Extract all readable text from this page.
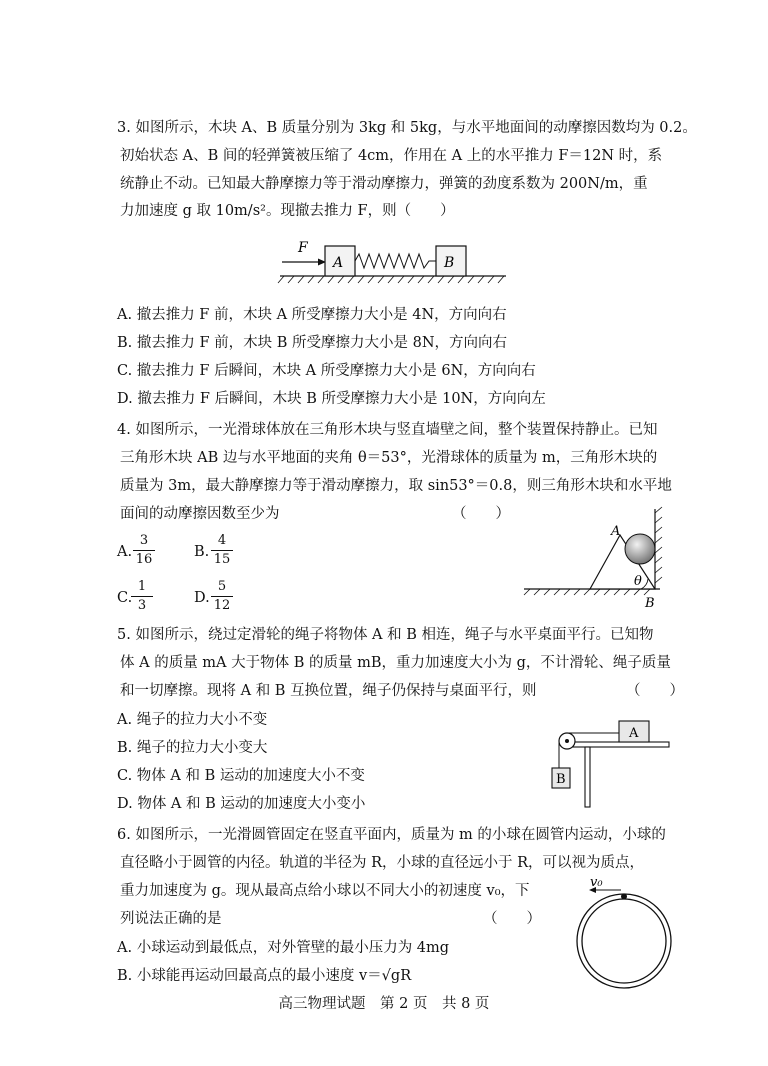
3. 如图所示，木块 A、B 质量分别为 3kg 和 5kg，与水平地面间的动摩擦因数均为 0.2。
初始状态 A、B 间的轻弹簧被压缩了 4cm，作用在 A 上的水平推力 F＝12N 时，系
统静止不动。已知最大静摩擦力等于滑动摩擦力，弹簧的劲度系数为 200N/m，重
力加速度 g 取 10m/s²。现撤去推力 F，则（　　）
F
A	B
A. 撤去推力 F 前，木块 A 所受摩擦力大小是 4N，方向向右
B. 撤去推力 F 前，木块 B 所受摩擦力大小是 8N，方向向右
C. 撤去推力 F 后瞬间，木块 A 所受摩擦力大小是 6N，方向向右
D. 撤去推力 F 后瞬间，木块 B 所受摩擦力大小是 10N，方向向左
4. 如图所示，一光滑球体放在三角形木块与竖直墙壁之间，整个装置保持静止。已知
三角形木块 AB 边与水平地面的夹角 θ＝53°，光滑球体的质量为 m，三角形木块的
质量为 3m，最大静摩擦力等于滑动摩擦力，取 sin53°＝0.8，则三角形木块和水平地
面间的动摩擦因数至少为	（　　）
A.
3
16	B.
4
15
C.
1
3	D.
5
12
A
θ
B
5. 如图所示，绕过定滑轮的绳子将物体 A 和 B 相连，绳子与水平桌面平行。已知物
体 A 的质量 mA 大于物体 B 的质量 mB，重力加速度大小为 g，不计滑轮、绳子质量
和一切摩擦。现将 A 和 B 互换位置，绳子仍保持与桌面平行，则	（　　）
A. 绳子的拉力大小不变
B. 绳子的拉力大小变大
C. 物体 A 和 B 运动的加速度大小不变
D. 物体 A 和 B 运动的加速度大小变小
A
B
6. 如图所示，一光滑圆管固定在竖直平面内，质量为 m 的小球在圆管内运动，小球的
直径略小于圆管的内径。轨道的半径为 R，小球的直径远小于 R，可以视为质点，
重力加速度为 g。现从最高点给小球以不同大小的初速度 v₀，下
列说法正确的是	（　　）
A. 小球运动到最低点，对外管壁的最小压力为 4mg
B. 小球能再运动回最高点的最小速度 v＝√gR
v₀
高三物理试题　第 2 页　共 8 页
